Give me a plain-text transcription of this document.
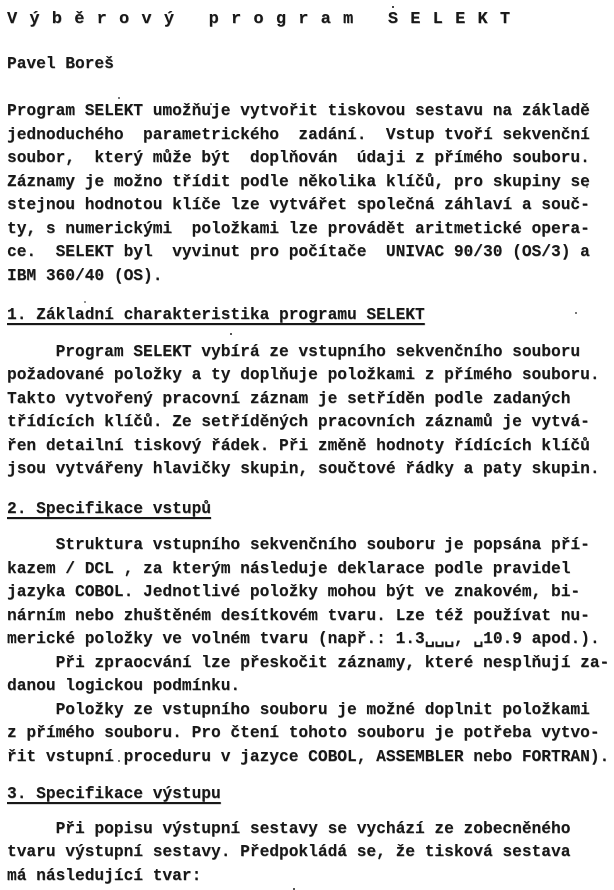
V ý b ě r o v ý   p r o g r a m   S E L E K T
Pavel Boreš
Program SELEKT umožňuje vytvořit tiskovou sestavu na základě
jednoduchého  parametrického  zadání.  Vstup tvoří sekvenční
soubor,  který může být  doplňován  údaji z přímého souboru.
Záznamy je možno třídit podle několika klíčů, pro skupiny se
stejnou hodnotou klíče lze vytvářet společná záhlaví a souč-
ty, s numerickými  položkami lze provádět aritmetické opera-
ce.  SELEKT byl  vyvinut pro počítače  UNIVAC 90/30 (OS/3) a
IBM 360/40 (OS).
1. Základní charakteristika programu SELEKT
Program SELEKT vybírá ze vstupního sekvenčního souboru
požadované položky a ty doplňuje položkami z přímého souboru.
Takto vytvořený pracovní záznam je setříděn podle zadaných
třídících klíčů. Ze setříděných pracovních záznamů je vytvá-
řen detailní tiskový řádek. Při změně hodnoty řídících klíčů
jsou vytvářeny hlavičky skupin, součtové řádky a paty skupin.
2. Specifikace vstupů
Struktura vstupního sekvenčního souboru je popsána pří-
kazem / DCL , za kterým následuje deklarace podle pravidel
jazyka COBOL. Jednotlivé položky mohou být ve znakovém, bi-
nárním nebo zhuštěném desítkovém tvaru. Lze též používat nu-
merické položky ve volném tvaru (např.: 1.3␣␣␣, ␣10.9 apod.).
Při zpraocvání lze přeskočit záznamy, které nesplňují za-
danou logickou podmínku.
Položky ze vstupního souboru je možné doplnit položkami
z přímého souboru. Pro čtení tohoto souboru je potřeba vytvo-
řit vstupní proceduru v jazyce COBOL, ASSEMBLER nebo FORTRAN).
3. Specifikace výstupu
Při popisu výstupní sestavy se vychází ze zobecněného
tvaru výstupní sestavy. Předpokládá se, že tisková sestava
má následující tvar:
